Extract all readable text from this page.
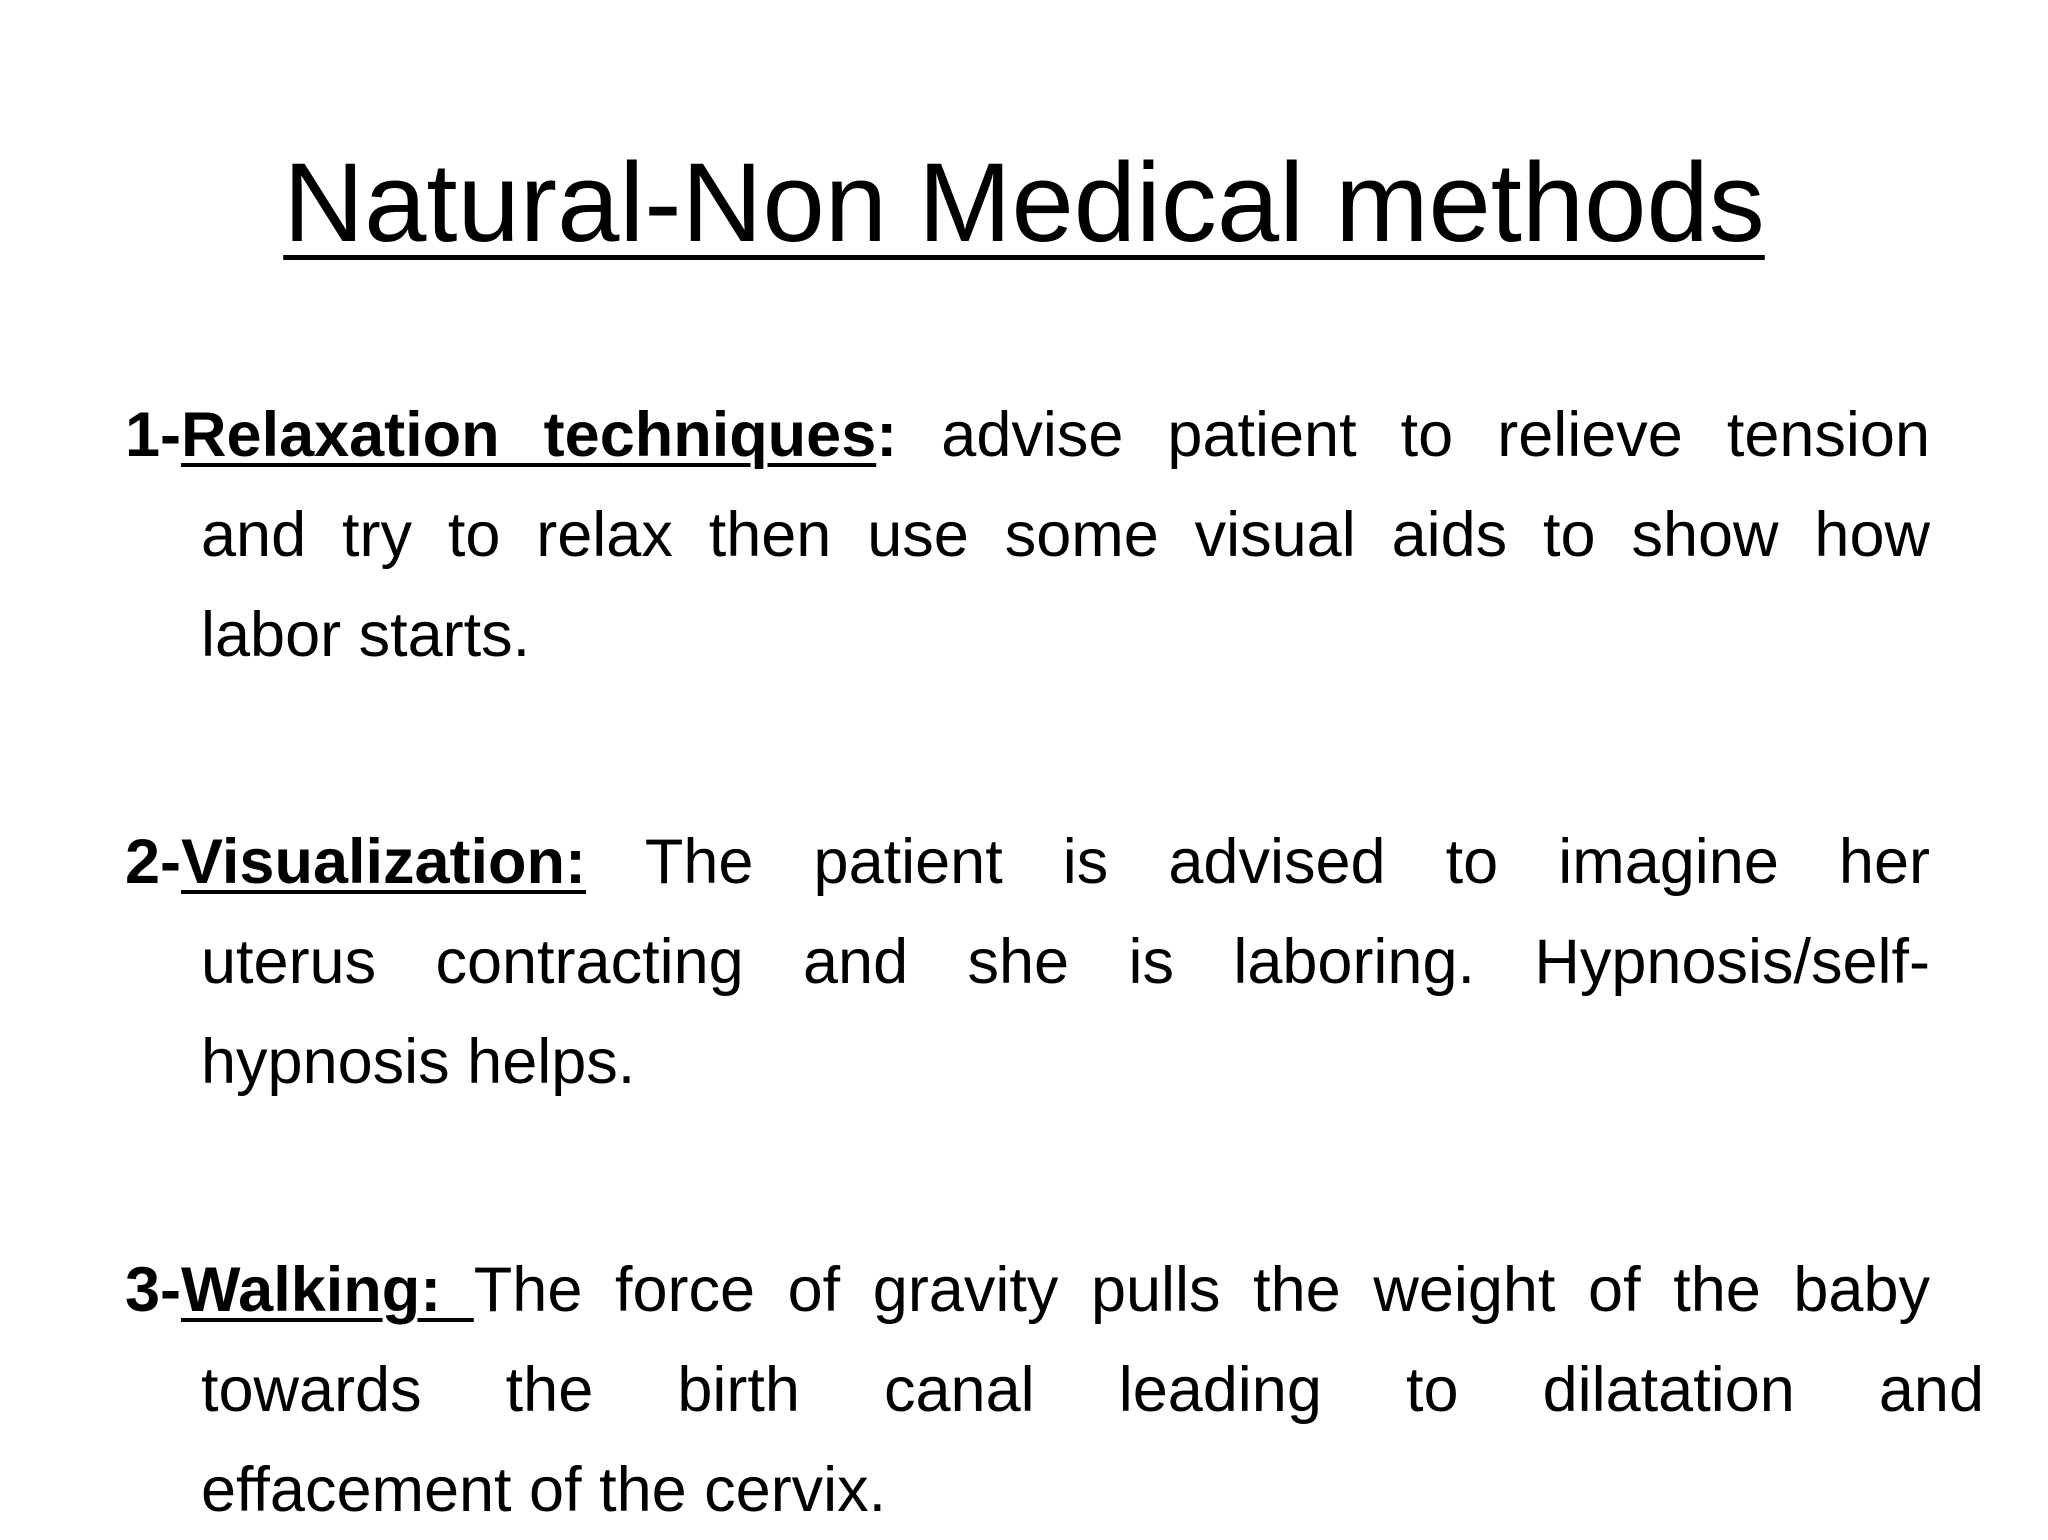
Natural-Non Medical methods
1-Relaxation techniques: advise patient to relieve tension
and try to relax then use some visual aids to show how
labor starts.
2-Visualization: The patient is advised to imagine her
uterus contracting and she is laboring. Hypnosis/self-
hypnosis helps.
3-Walking: The force of gravity pulls the weight of the baby
towards the birth canal leading to dilatation and
effacement of the cervix.
